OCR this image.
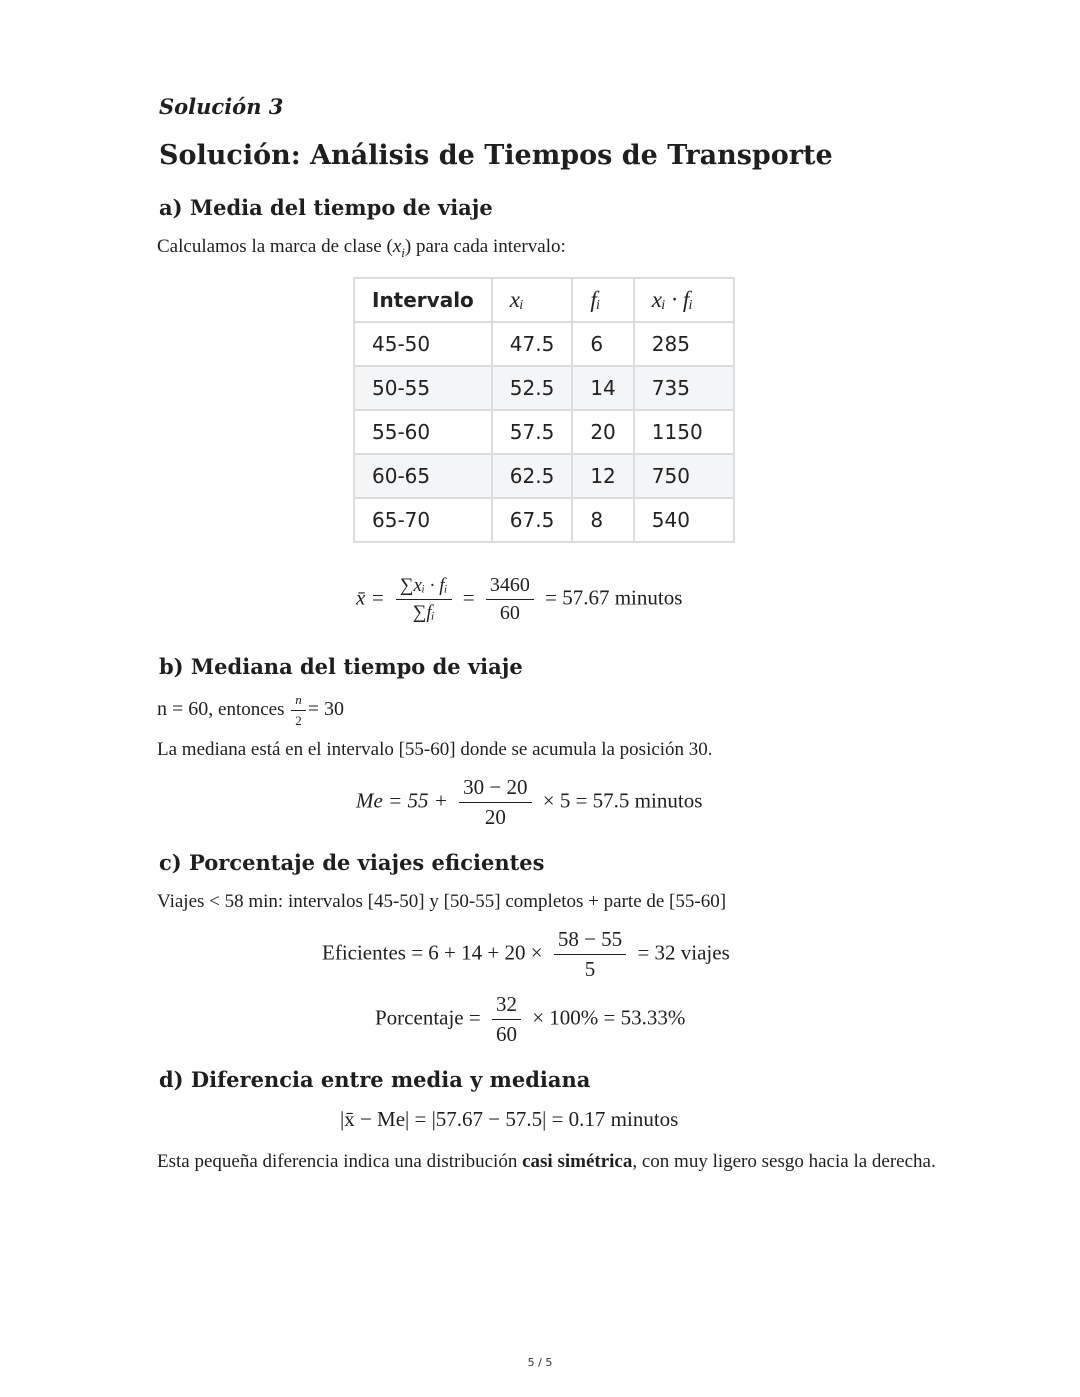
Solución 3
Solución: Análisis de Tiempos de Transporte
a) Media del tiempo de viaje
Calculamos la marca de clase $(x_i)$ para cada intervalo:
Intervalo	xᵢ	fᵢ	xᵢ · fᵢ
45-50	47.5	6	285
50-55	52.5	14	735
55-60	57.5	20	1150
60-65	62.5	12	750
65-70	67.5	8	540
x̄ = $\frac{\text{∑xᵢ · fᵢ}}{\text{∑fᵢ}} = \frac{3460}{60} = 57.67$ minutos
b) Mediana del tiempo de viaje
n = 60, entonces $\frac{n}{2} = 30$
La mediana está en el intervalo [55-60] donde se acumula la posición 30.
$Me = 55 + \frac{30 - 20}{20} \times 5 = 57.5$ minutos
c) Porcentaje de viajes eficientes
Viajes < 58 min: intervalos [45-50] y [50-55] completos + parte de [55-60]
Eficientes = $6 + 14 + 20 \times \frac{58 - 55}{5} = 32$ viajes
Porcentaje = $\frac{32}{60} \times 100\% = 53.33\%$
d) Diferencia entre media y mediana
|x̄ − Me| = |57.67 − 57.5| = 0.17 minutos
Esta pequeña diferencia indica una distribución casi simétrica, con muy ligero sesgo hacia la derecha.
5 / 5
